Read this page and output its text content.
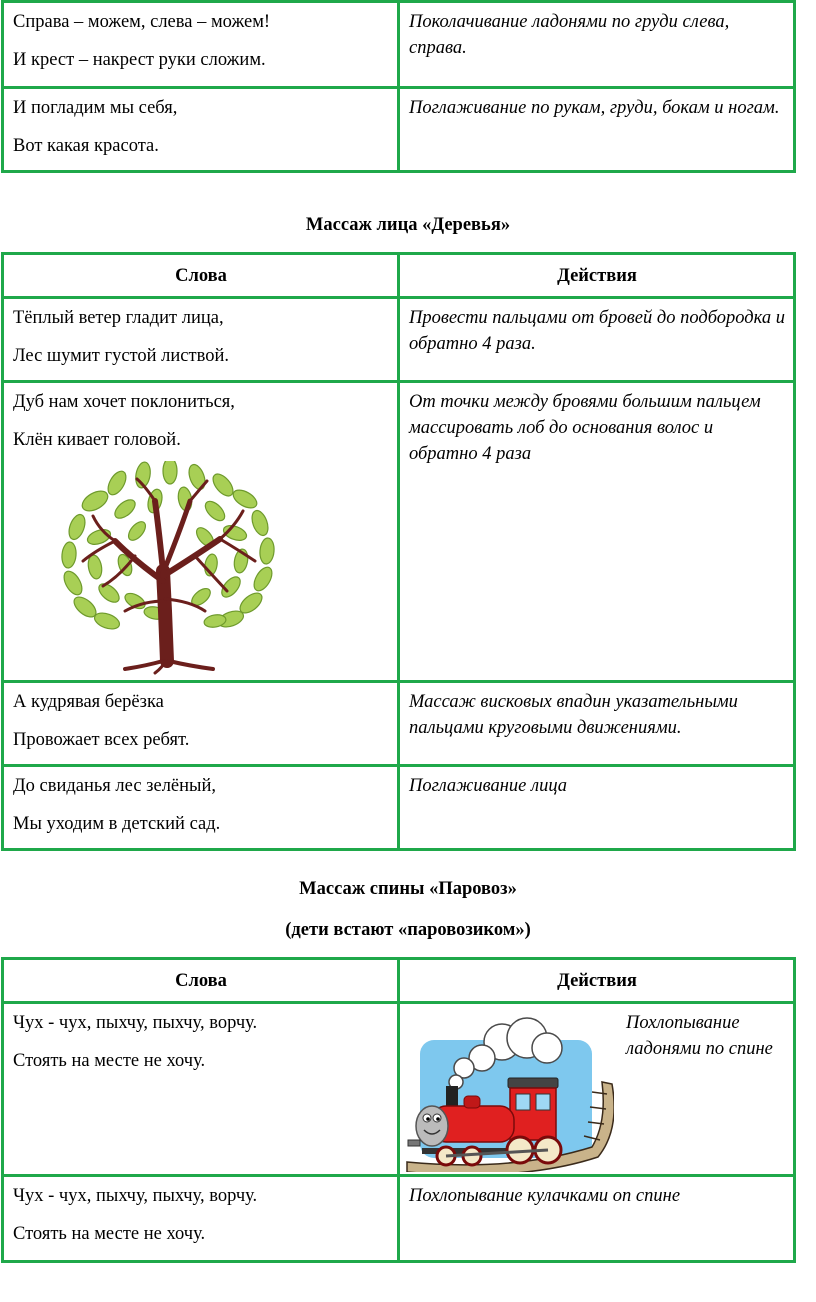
Справа – можем, слева – можем!

И крест – накрест руки сложим.	Поколачивание ладонями по груди слева, справа.

И погладим мы себя,

Вот какая красота.	Поглаживание по рукам, груди, бокам и ногам.
Массаж лица «Деревья»
Слова	Действия

Тёплый ветер гладит лица,

Лес шумит густой листвой.	Провести пальцами от бровей до подбородка и обратно 4 раза.

Дуб нам хочет поклониться,

Клён кивает головой.	От точки между бровями большим пальцем массировать лоб до основания волос и обратно 4 раза

А кудрявая берёзка

Провожает всех ребят.	Массаж висковых впадин указательными пальцами круговыми движениями.

До свиданья лес зелёный,

Мы уходим в детский сад.	Поглаживание лица
Массаж спины «Паровоз»
(дети встают «паровозиком»)
Слова	Действия

Чух - чух, пыхчу, пыхчу, ворчу.

Стоять на месте не хочу.	Похлопывание ладонями по спине

Чух - чух, пыхчу, пыхчу, ворчу.

Стоять на месте не хочу.	Похлопывание кулачками оп спине
